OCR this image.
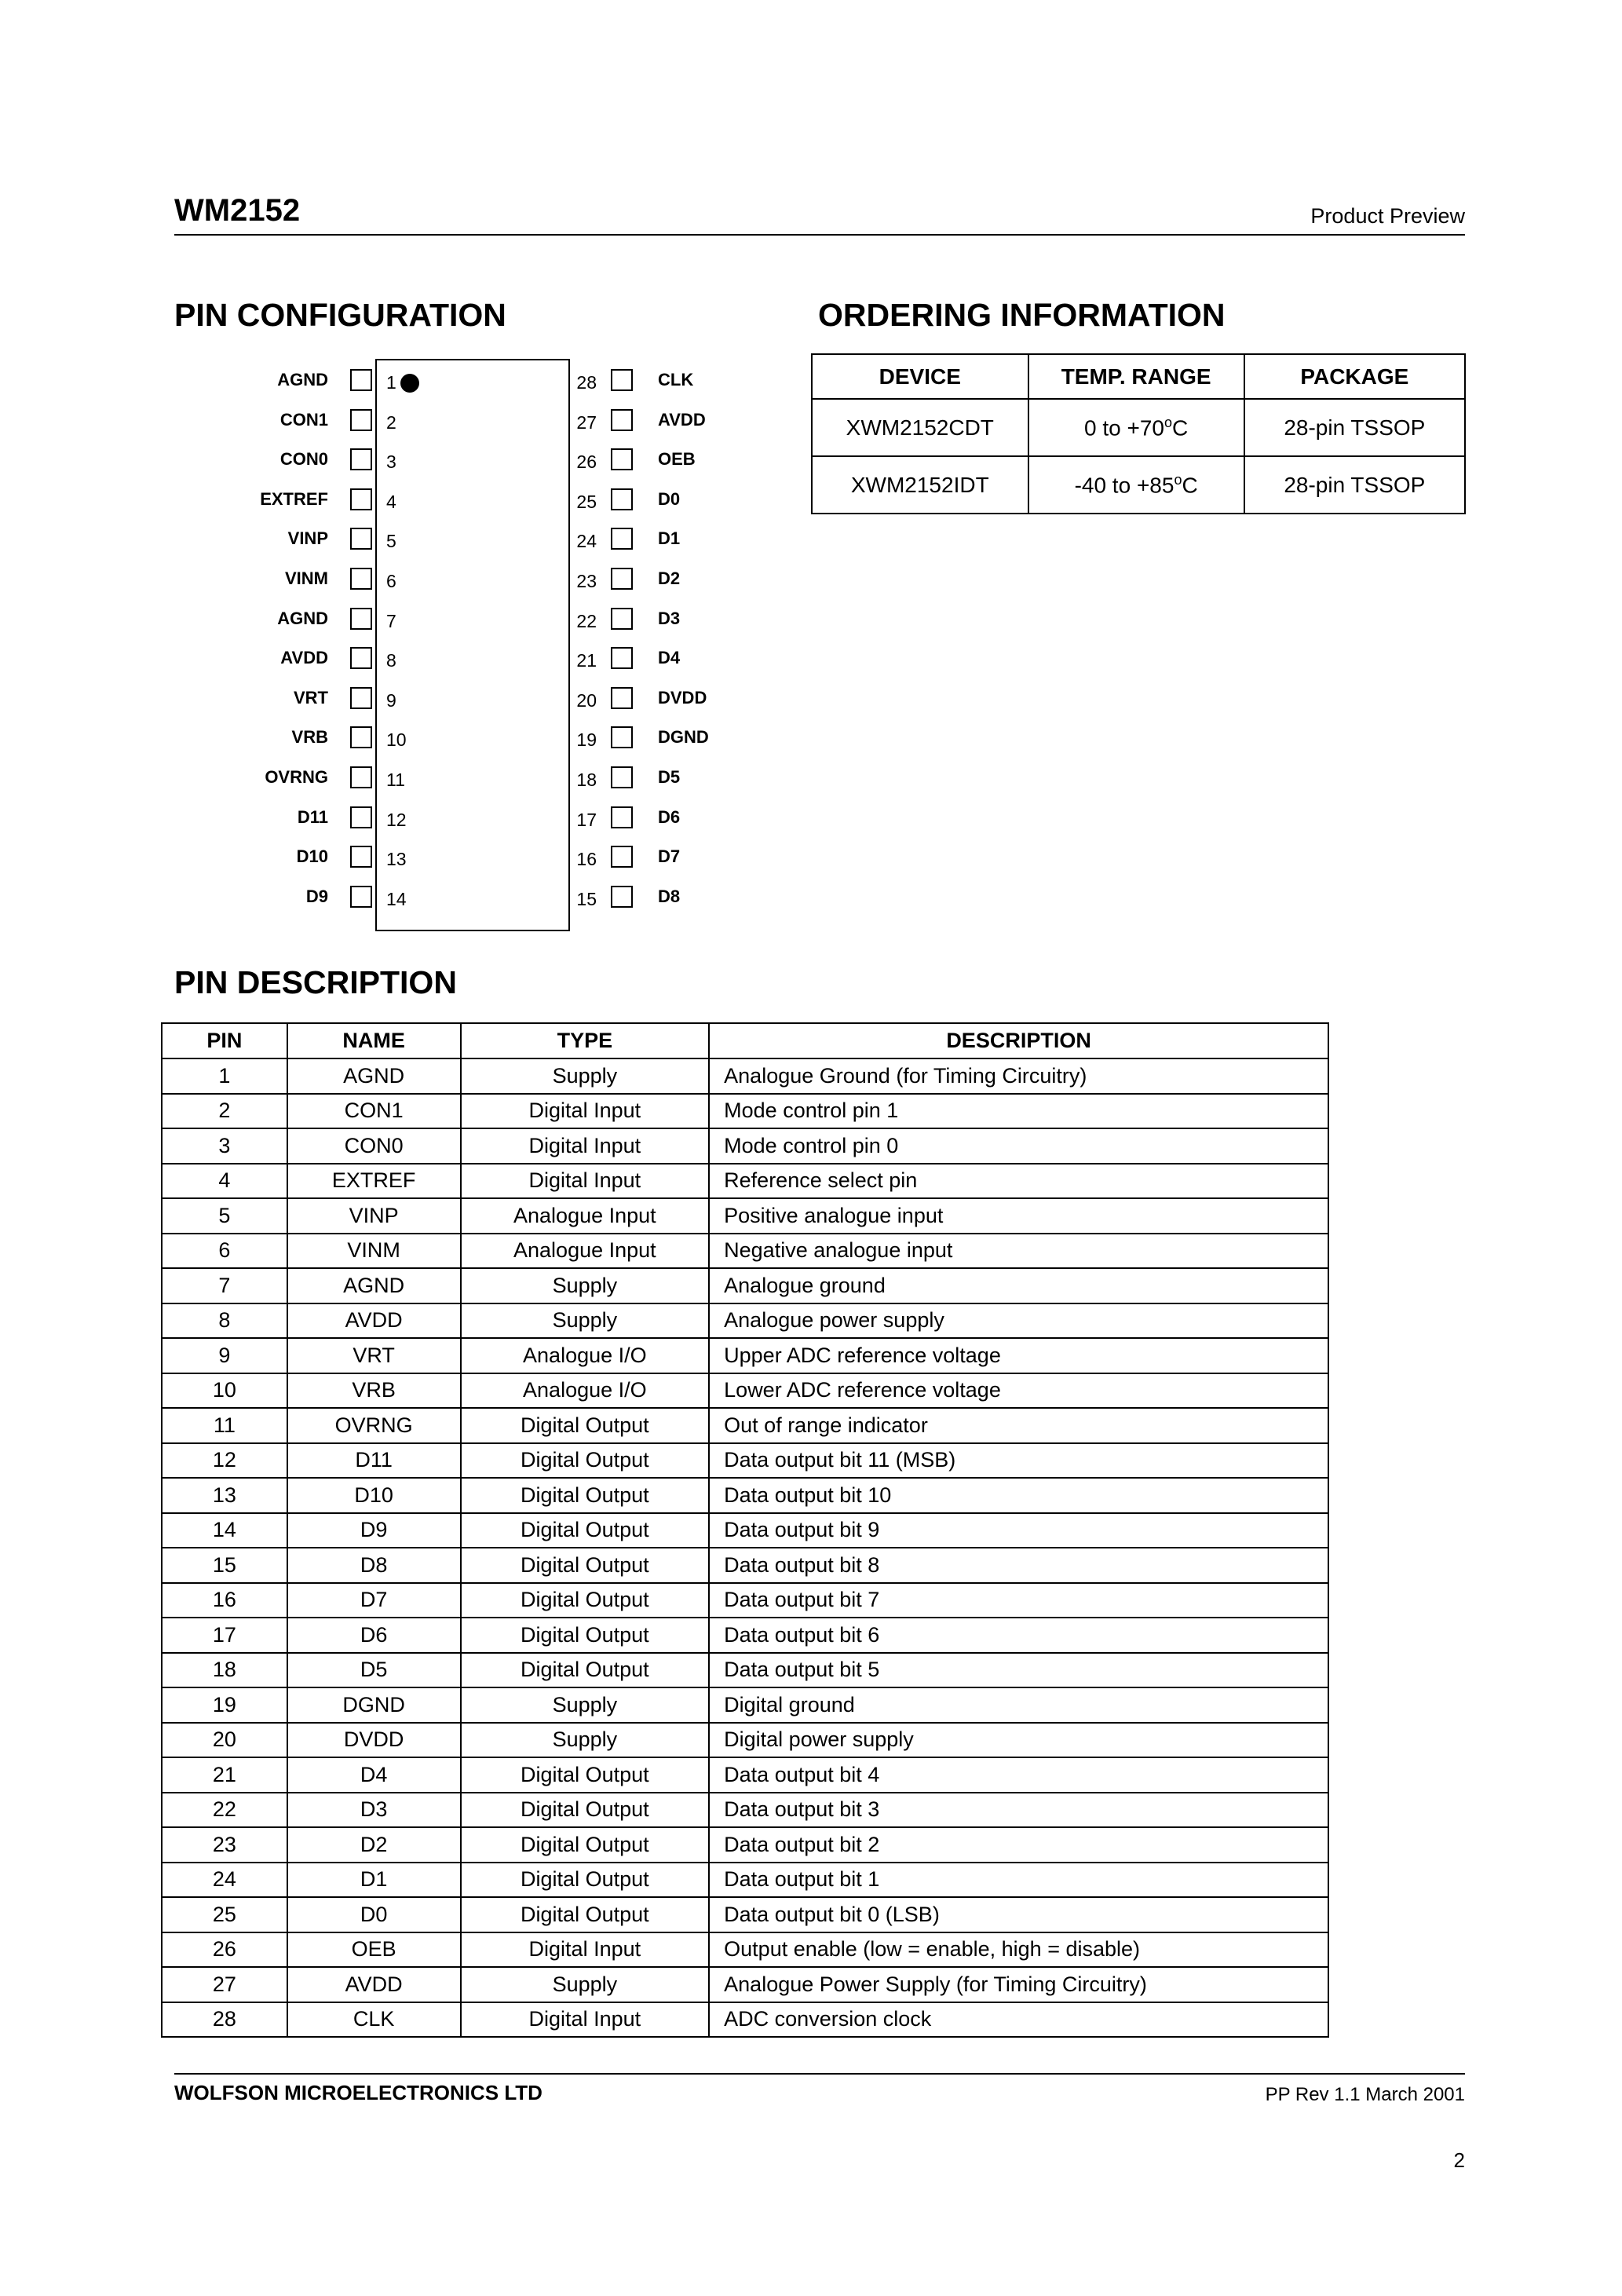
WM2152	Product Preview
PIN CONFIGURATION	ORDERING INFORMATION
AGND	1	28	CLK
CON1	2	27	AVDD
CON0	3	26	OEB
EXTREF	4	25	D0
VINP	5	24	D1
VINM	6	23	D2
AGND	7	22	D3
AVDD	8	21	D4
VRT	9	20	DVDD
VRB	10	19	DGND
OVRNG	11	18	D5
D11	12	17	D6
D10	13	16	D7
D9	14	15	D8
DEVICE	TEMP. RANGE	PACKAGE
XWM2152CDT	0 to $+70^oC$	28-pin TSSOP
XWM2152IDT	-40 to $+85^oC$	28-pin TSSOP
PIN DESCRIPTION
PIN	NAME	TYPE	DESCRIPTION
1	AGND	Supply	Analogue Ground (for Timing Circuitry)
2	CON1	Digital Input	Mode control pin 1
3	CON0	Digital Input	Mode control pin 0
4	EXTREF	Digital Input	Reference select pin
5	VINP	Analogue Input	Positive analogue input
6	VINM	Analogue Input	Negative analogue input
7	AGND	Supply	Analogue ground
8	AVDD	Supply	Analogue power supply
9	VRT	Analogue I/O	Upper ADC reference voltage
10	VRB	Analogue I/O	Lower ADC reference voltage
11	OVRNG	Digital Output	Out of range indicator
12	D11	Digital Output	Data output bit 11 (MSB)
13	D10	Digital Output	Data output bit 10
14	D9	Digital Output	Data output bit 9
15	D8	Digital Output	Data output bit 8
16	D7	Digital Output	Data output bit 7
17	D6	Digital Output	Data output bit 6
18	D5	Digital Output	Data output bit 5
19	DGND	Supply	Digital ground
20	DVDD	Supply	Digital power supply
21	D4	Digital Output	Data output bit 4
22	D3	Digital Output	Data output bit 3
23	D2	Digital Output	Data output bit 2
24	D1	Digital Output	Data output bit 1
25	D0	Digital Output	Data output bit 0 (LSB)
26	OEB	Digital Input	Output enable (low = enable, high = disable)
27	AVDD	Supply	Analogue Power Supply (for Timing Circuitry)
28	CLK	Digital Input	ADC conversion clock
WOLFSON MICROELECTRONICS LTD	PP Rev 1.1 March 2001
2
